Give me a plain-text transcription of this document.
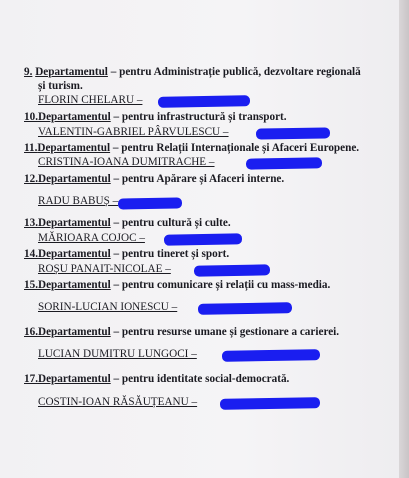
9. Departamentul – pentru Administrație publică, dezvoltare regională
și turism.
FLORIN CHELARU –
10.Departamentul – pentru infrastructură și transport.
VALENTIN-GABRIEL PÂRVULESCU –
11.Departamentul – pentru Relații Internaționale și Afaceri Europene.
CRISTINA-IOANA DUMITRACHE –
12.Departamentul – pentru Apărare și Afaceri interne.
RADU BABUȘ –
13.Departamentul – pentru cultură și culte.
MĂRIOARA COJOC –
14.Departamentul – pentru tineret și sport.
ROȘU PANAIT-NICOLAE –
15.Departamentul – pentru comunicare și relații cu mass-media.
SORIN-LUCIAN IONESCU –
16.Departamentul – pentru resurse umane și gestionare a carierei.
LUCIAN DUMITRU LUNGOCI –
17.Departamentul – pentru identitate social-democrată.
COSTIN-IOAN RĂSĂUȚEANU –
